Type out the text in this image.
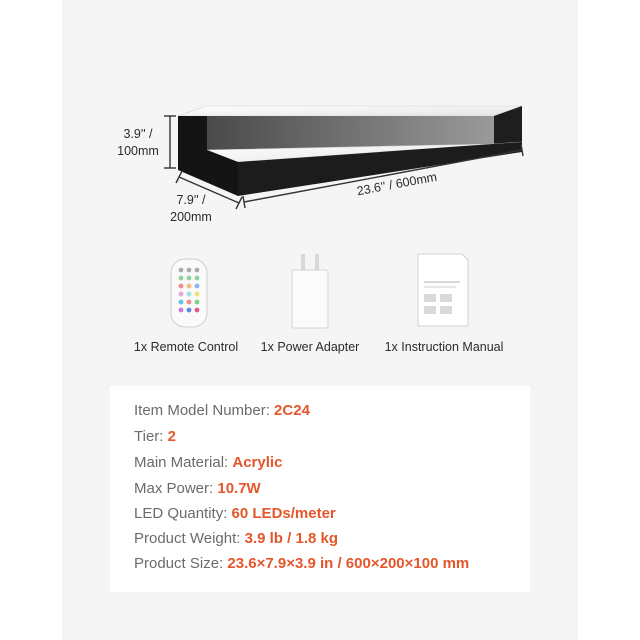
3.9'' /
100mm
7.9'' /
200mm
23.6'' / 600mm
1x Remote Control 1x Power Adapter 1x Instruction Manual
Item Model Number: 2C24
Tier: 2
Main Material: Acrylic
Max Power: 10.7W
LED Quantity: 60 LEDs/meter
Product Weight: 3.9 lb / 1.8 kg
Product Size: 23.6×7.9×3.9 in / 600×200×100 mm
